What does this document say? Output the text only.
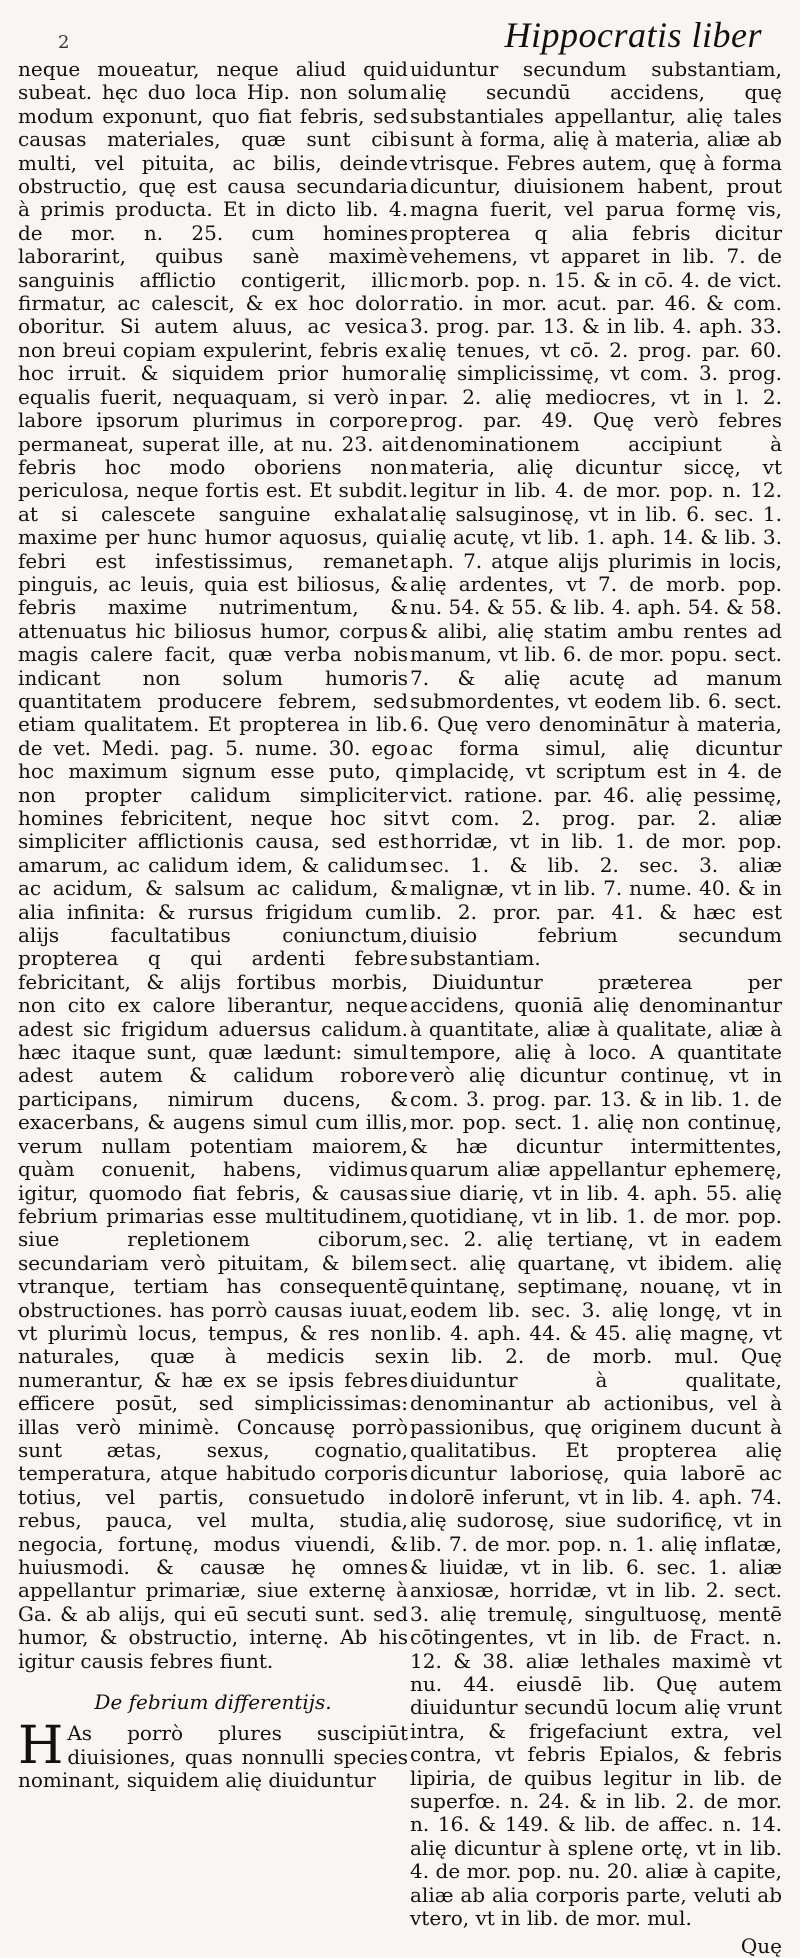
2	Hippocratis liber

neque moueatur, neque aliud quid subeat. hęc duo loca Hip. non solum modum exponunt, quo fiat febris, sed causas materiales, quæ sunt cibi multi, vel pituita, ac bilis, deinde obstructio, quę est causa secundaria à primis producta. Et in dicto lib. 4. de mor. n. 25. cum homines laborarint, quibus sanè maximè sanguinis afflictio contigerit, illic firmatur, ac calescit, & ex hoc dolor oboritur. Si autem aluus, ac vesica non breui copiam expulerint, febris ex hoc irruit. & siquidem prior humor equalis fuerit, nequaquam, si verò in labore ipsorum plurimus in corpore permaneat, superat ille, at nu. 23. ait febris hoc modo oboriens non periculosa, neque fortis est. Et subdit. at si calescete sanguine exhalat maxime per hunc humor aquosus, qui febri est infestissimus, remanet pinguis, ac leuis, quia est biliosus, & febris maxime nutrimentum, & attenuatus hic biliosus humor, corpus magis calere facit, quæ verba nobis indicant non solum humoris quantitatem producere febrem, sed etiam qualitatem. Et propterea in lib. de vet. Medi. pag. 5. nume. 30. ego hoc maximum signum esse puto, q non propter calidum simpliciter homines febricitent, neque hoc sit simpliciter afflictionis causa, sed est amarum, ac calidum idem, & calidum ac acidum, & salsum ac calidum, & alia infinita: & rursus frigidum cum alijs facultatibus coniunctum, propterea q qui ardenti febre febricitant, & alijs fortibus morbis, non cito ex calore liberantur, neque adest sic frigidum aduersus calidum. hæc itaque sunt, quæ lædunt: simul adest autem & calidum robore participans, nimirum ducens, & exacerbans, & augens simul cum illis, verum nullam potentiam maiorem, quàm conuenit, habens, vidimus igitur, quomodo fiat febris, & causas febrium primarias esse multitudinem, siue repletionem ciborum, secundariam verò pituitam, & bilem vtranque, tertiam has consequentē obstructiones. has porrò causas iuuat, vt plurimù locus, tempus, & res non naturales, quæ à medicis sex numerantur, & hæ ex se ipsis febres efficere posūt, sed simplicissimas: illas verò minimè. Concausę porrò sunt ætas, sexus, cognatio, temperatura, atque habitudo corporis totius, vel partis, consuetudo in rebus, pauca, vel multa, studia, negocia, fortunę, modus viuendi, & huiusmodi. & causæ hę omnes appellantur primariæ, siue externę à Ga. & ab alijs, qui eū secuti sunt. sed humor, & obstructio, internę. Ab his igitur causis febres fiunt.

De febrium differentijs.

H As porrò plures suscipiūt diuisiones, quas nonnulli species nominant, siquidem alię diuiduntur

uiduntur secundum substantiam, alię secundū accidens, quę substantiales appellantur, alię tales sunt à forma, alię à materia, aliæ ab vtrisque. Febres autem, quę à forma dicuntur, diuisionem habent, prout magna fuerit, vel parua formę vis, propterea q alia febris dicitur vehemens, vt apparet in lib. 7. de morb. pop. n. 15. & in cō. 4. de vict. ratio. in mor. acut. par. 46. & com. 3. prog. par. 13. & in lib. 4. aph. 33. alię tenues, vt cō. 2. prog. par. 60. alię simplicissimę, vt com. 3. prog. par. 2. alię mediocres, vt in l. 2. prog. par. 49. Quę verò febres denominationem accipiunt à materia, alię dicuntur siccę, vt legitur in lib. 4. de mor. pop. n. 12. alię salsuginosę, vt in lib. 6. sec. 1. alię acutę, vt lib. 1. aph. 14. & lib. 3. aph. 7. atque alijs plurimis in locis, alię ardentes, vt 7. de morb. pop. nu. 54. & 55. & lib. 4. aph. 54. & 58. & alibi, alię statim ambu rentes ad manum, vt lib. 6. de mor. popu. sect. 7. & alię acutę ad manum submordentes, vt eodem lib. 6. sect. 6. Quę vero denominātur à materia, ac forma simul, alię dicuntur implacidę, vt scriptum est in 4. de vict. ratione. par. 46. alię pessimę, vt com. 2. prog. par. 2. aliæ horridæ, vt in lib. 1. de mor. pop. sec. 1. & lib. 2. sec. 3. aliæ malignæ, vt in lib. 7. nume. 40. & in lib. 2. pror. par. 41. & hæc est diuisio febrium secundum substantiam.

Diuiduntur præterea per accidens, quoniā alię denominantur à quantitate, aliæ à qualitate, aliæ à tempore, alię à loco. A quantitate verò alię dicuntur continuę, vt in com. 3. prog. par. 13. & in lib. 1. de mor. pop. sect. 1. alię non continuę, & hæ dicuntur intermittentes, quarum aliæ appellantur ephemerę, siue diarię, vt in lib. 4. aph. 55. alię quotidianę, vt in lib. 1. de mor. pop. sec. 2. alię tertianę, vt in eadem sect. alię quartanę, vt ibidem. alię quintanę, septimanę, nouanę, vt in eodem lib. sec. 3. alię longę, vt in lib. 4. aph. 44. & 45. alię magnę, vt in lib. 2. de morb. mul. Quę diuiduntur à qualitate, denominantur ab actionibus, vel à passionibus, quę originem ducunt à qualitatibus. Et propterea alię dicuntur laboriosę, quia laborē ac dolorē inferunt, vt in lib. 4. aph. 74. alię sudorosę, siue sudorificę, vt in lib. 7. de mor. pop. n. 1. alię inflatæ, & liuidæ, vt in lib. 6. sec. 1. aliæ anxiosæ, horridæ, vt in lib. 2. sect. 3. alię tremulę, singultuosę, mentē cōtingentes, vt in lib. de Fract. n. 12. & 38. aliæ lethales maximè vt nu. 44. eiusdē lib. Quę autem diuiduntur secundū locum alię vrunt intra, & frigefaciunt extra, vel contra, vt febris Epialos, & febris lipiria, de quibus legitur in lib. de superfœ. n. 24. & in lib. 2. de mor. n. 16. & 149. & lib. de affec. n. 14. alię dicuntur à splene ortę, vt in lib. 4. de mor. pop. nu. 20. aliæ à capite, aliæ ab alia corporis parte, veluti ab vtero, vt in lib. de mor. mul.

Quę
